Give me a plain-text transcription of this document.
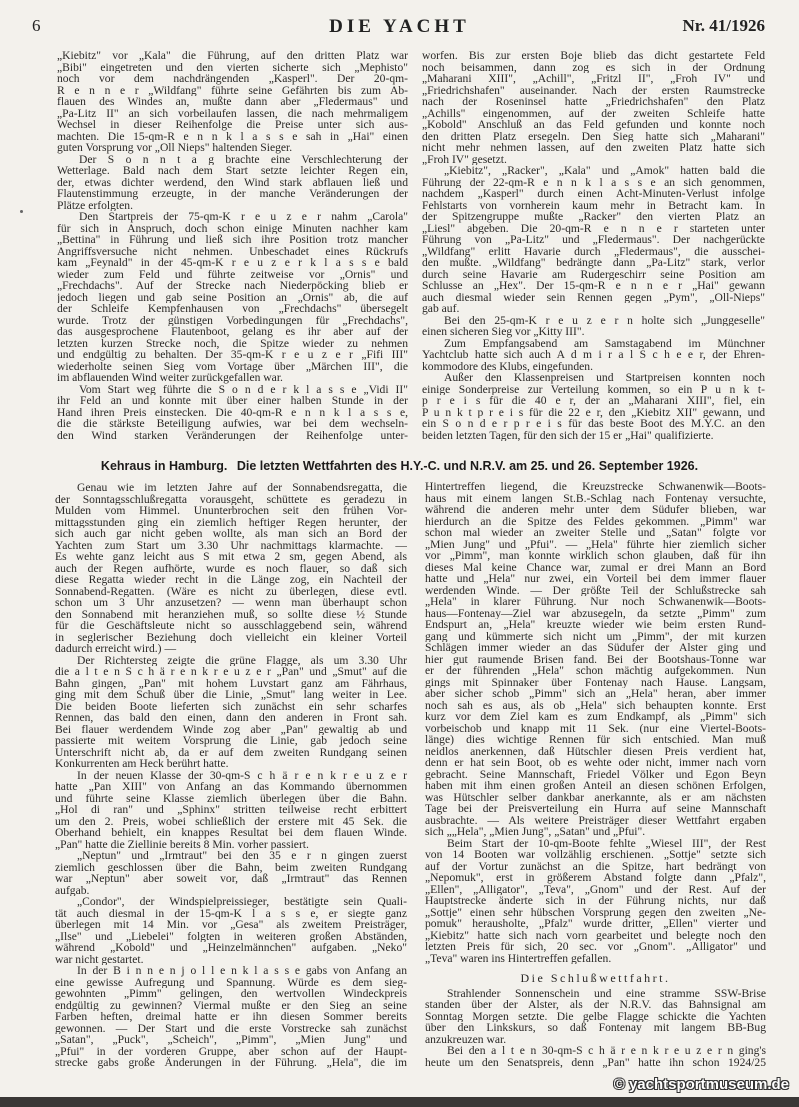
6	DIE YACHT	Nr. 41/1926
„Kiebitz" vor „Kala" die Führung, auf den dritten Platz war
„Bibi" eingetreten und den vierten sicherte sich „Mephisto"
noch vor dem nachdrängenden „Kasperl". Der 20-qm-
R e n n e r „Wildfang" führte seine Gefährten bis zum Ab-
flauen des Windes an, mußte dann aber „Fledermaus" und
„Pa-Litz II" an sich vorbeilaufen lassen, die nach mehrmaligem
Wechsel in dieser Reihenfolge die Preise unter sich aus-
machten. Die 15-qm-R e n n k l a s s e sah in „Hai" einen
guten Vorsprung vor „Oll Nieps" haltenden Sieger.
Der S o n n t a g brachte eine Verschlechterung der
Wetterlage. Bald nach dem Start setzte leichter Regen ein,
der, etwas dichter werdend, den Wind stark abflauen ließ und
Flautenstimmung erzeugte, in der manche Veränderungen der
Plätze erfolgten.
Den Startpreis der 75-qm-K r e u z e r nahm „Carola"
für sich in Anspruch, doch schon einige Minuten nachher kam
„Bettina" in Führung und ließ sich ihre Position trotz mancher
Angriffsversuche nicht nehmen. Unbeschadet eines Rückrufs
kam „Feynald" in der 45-qm-K r e u z e r k l a s s e bald
wieder zum Feld und führte zeitweise vor „Ornis" und
„Frechdachs". Auf der Strecke nach Niederpöcking blieb er
jedoch liegen und gab seine Position an „Ornis" ab, die auf
der Schleife Kempfenhausen von „Frechdachs" übersegelt
wurde. Trotz der günstigen Vorbedingungen für „Frechdachs",
das ausgesprochene Flautenboot, gelang es ihr aber auf der
letzten kurzen Strecke noch, die Spitze wieder zu nehmen
und endgültig zu behalten. Der 35-qm-K r e u z e r „Fifi III"
wiederholte seinen Sieg vom Vortage über „Märchen III", die
im abflauenden Wind weiter zurückgefallen war.
Vom Start weg führte die S o n d e r k l a s s e „Vidi II"
ihr Feld an und konnte mit über einer halben Stunde in der
Hand ihren Preis einstecken. Die 40-qm-R e n n k l a s s e,
die die stärkste Beteiligung aufwies, war bei dem wechseln-
den Wind starken Veränderungen der Reihenfolge unter-
worfen. Bis zur ersten Boje blieb das dicht gestartete Feld
noch beisammen, dann zog es sich in der Ordnung
„Maharani XIII", „Achill", „Fritzl II", „Froh IV" und
„Friedrichshafen" auseinander. Nach der ersten Raumstrecke
nach der Roseninsel hatte „Friedrichshafen" den Platz
„Achills" eingenommen, auf der zweiten Schleife hatte
„Kobold" Anschluß an das Feld gefunden und konnte noch
den dritten Platz ersegeln. Den Sieg hatte sich „Maharani"
nicht mehr nehmen lassen, auf den zweiten Platz hatte sich
„Froh IV" gesetzt.
„Kiebitz", „Racker", „Kala" und „Amok" hatten bald die
Führung der 22-qm-R e n n k l a s s e an sich genommen,
nachdem „Kasperl" durch einen Acht-Minuten-Verlust infolge
Fehlstarts von vornherein kaum mehr in Betracht kam. In
der Spitzengruppe mußte „Racker" den vierten Platz an
„Liesl" abgeben. Die 20-qm-R e n n e r starteten unter
Führung von „Pa-Litz" und „Fledermaus". Der nachgerückte
„Wildfang" erlitt Havarie durch „Fledermaus", die ausschei-
den mußte. „Wildfang" bedrängte dann „Pa-Litz" stark, verlor
durch seine Havarie am Rudergeschirr seine Position am
Schlusse an „Hex". Der 15-qm-R e n n e r „Hai" gewann
auch diesmal wieder sein Rennen gegen „Pym", „Oll-Nieps"
gab auf.
Bei den 25-qm-K r e u z e r n holte sich „Junggeselle"
einen sicheren Sieg vor „Kitty III".
Zum Empfangsabend am Samstagabend im Münchner
Yachtclub hatte sich auch A d m i r a l S c h e e r, der Ehren-
kommodore des Klubs, eingefunden.
Außer den Klassenpreisen und Startpreisen konnten noch
einige Sonderpreise zur Verteilung kommen, so ein P u n k t-
p r e i s für die 40 e r, der an „Maharani XIII", fiel, ein
P u n k t p r e i s für die 22 e r, den „Kiebitz XII" gewann, und
ein S o n d e r p r e i s für das beste Boot des M.Y.C. an den
beiden letzten Tagen, für den sich der 15 er „Hai" qualifizierte.
Kehraus in Hamburg. Die letzten Wettfahrten des H.Y.-C. und N.R.V. am 25. und 26. September 1926.
Genau wie im letzten Jahre auf der Sonnabendsregatta, die
der Sonntagsschlußregatta vorausgeht, schüttete es geradezu in
Mulden vom Himmel. Ununterbrochen seit den frühen Vor-
mittagsstunden ging ein ziemlich heftiger Regen herunter, der
sich auch gar nicht geben wollte, als man sich an Bord der
Yachten zum Start um 3.30 Uhr nachmittags klarmachte. —
Es wehte ganz leicht aus S mit etwa 2 sm, gegen Abend, als
auch der Regen aufhörte, wurde es noch flauer, so daß sich
diese Regatta wieder recht in die Länge zog, ein Nachteil der
Sonnabend-Regatten. (Wäre es nicht zu überlegen, diese evtl.
schon um 3 Uhr anzusetzen? — wenn man überhaupt schon
den Sonnabend mit heranziehen muß, so sollte diese ½ Stunde
für die Geschäftsleute nicht so ausschlaggebend sein, während
in seglerischer Beziehung doch vielleicht ein kleiner Vorteil
dadurch erreicht wird.) —
Der Richtersteg zeigte die grüne Flagge, als um 3.30 Uhr
die a l t e n S c h ä r e n k r e u z e r „Pan" und „Smut" auf die
Bahn gingen, „Pan" mit hohem Luvstart ganz am Fährhaus,
ging mit dem Schuß über die Linie, „Smut" lang weiter in Lee.
Die beiden Boote lieferten sich zunächst ein sehr scharfes
Rennen, das bald den einen, dann den anderen in Front sah.
Bei flauer werdendem Winde zog aber „Pan" gewaltig ab und
passierte mit weitem Vorsprung die Linie, gab jedoch seine
Unterschrift nicht ab, da er auf dem zweiten Rundgang seinen
Konkurrenten am Heck berührt hatte.
In der neuen Klasse der 30-qm-S c h ä r e n k r e u z e r
hatte „Pan XIII" von Anfang an das Kommando übernommen
und führte seine Klasse ziemlich überlegen über die Bahn.
„Hol di ran" und „Sphinx" stritten teilweise recht erbittert
um den 2. Preis, wobei schließlich der erstere mit 45 Sek. die
Oberhand behielt, ein knappes Resultat bei dem flauen Winde.
„Pan" hatte die Ziellinie bereits 8 Min. vorher passiert.
„Neptun" und „Irmtraut" bei den 35 e r n gingen zuerst
ziemlich geschlossen über die Bahn, beim zweiten Rundgang
war „Neptun" aber soweit vor, daß „Irmtraut" das Rennen
aufgab.
„Condor", der Windspielpreissieger, bestätigte sein Quali-
tät auch diesmal in der 15-qm-K l a s s e, er siegte ganz
überlegen mit 14 Min. vor „Gesa" als zweitem Preisträger,
„Ilse" und „Liebelei" folgten in weiteren großen Abständen,
während „Kobold" und „Heinzelmännchen" aufgaben. „Neko"
war nicht gestartet.
In der B i n n e n j o l l e n k l a s s e gabs von Anfang an
eine gewisse Aufregung und Spannung. Würde es dem sieg-
gewohnten „Pimm" gelingen, den wertvollen Windeckpreis
endgültig zu gewinnen? Viermal mußte er den Sieg an seine
Farben heften, dreimal hatte er ihn diesen Sommer bereits
gewonnen. — Der Start und die erste Vorstrecke sah zunächst
„Satan", „Puck", „Scheich", „Pimm", „Mien Jung" und
„Pfui" in der vorderen Gruppe, aber schon auf der Haupt-
strecke gabs große Änderungen in der Führung. „Hela", die im
Hintertreffen liegend, die Kreuzstrecke Schwanenwik—Boots-
haus mit einem langen St.B.-Schlag nach Fontenay versuchte,
während die anderen mehr unter dem Südufer blieben, war
hierdurch an die Spitze des Feldes gekommen. „Pimm" war
schon mal wieder an zweiter Stelle und „Satan" folgte vor
„Mien Jung" und „Pfui". — „Hela" führte hier ziemlich sicher
vor „Pimm", man konnte wirklich schon glauben, daß für ihn
dieses Mal keine Chance war, zumal er drei Mann an Bord
hatte und „Hela" nur zwei, ein Vorteil bei dem immer flauer
werdenden Winde. — Der größte Teil der Schlußstrecke sah
„Hela" in klarer Führung. Nur noch Schwanenwik—Boots-
haus—Fontenay—Ziel war abzusegeln, da setzte „Pimm" zum
Endspurt an, „Hela" kreuzte wieder wie beim ersten Rund-
gang und kümmerte sich nicht um „Pimm", der mit kurzen
Schlägen immer wieder an das Südufer der Alster ging und
hier gut raumende Brisen fand. Bei der Bootshaus-Tonne war
er der führenden „Hela" schon mächtig aufgekommen. Nun
gings mit Spinnaker über Fontenay nach Hause. Langsam,
aber sicher schob „Pimm" sich an „Hela" heran, aber immer
noch sah es aus, als ob „Hela" sich behaupten konnte. Erst
kurz vor dem Ziel kam es zum Endkampf, als „Pimm" sich
vorbeischob und knapp mit 11 Sek. (nur eine Viertel-Boots-
länge) dies wichtige Rennen für sich entschied. Man muß
neidlos anerkennen, daß Hütschler diesen Preis verdient hat,
denn er hat sein Boot, ob es wehte oder nicht, immer nach vorn
gebracht. Seine Mannschaft, Friedel Völker und Egon Beyn
haben mit ihm einen großen Anteil an diesen schönen Erfolgen,
was Hütschler selber dankbar anerkannte, als er am nächsten
Tage bei der Preisverteilung ein Hurra auf seine Mannschaft
ausbrachte. — Als weitere Preisträger dieser Wettfahrt ergaben
sich „„Hela", „Mien Jung", „Satan" und „Pfui".
Beim Start der 10-qm-Boote fehlte „Wiesel III", der Rest
von 14 Booten war vollzählig erschienen. „Sottje" setzte sich
auf der Vortur zunächst an die Spitze, hart bedrängt von
„Nepomuk", erst in größerem Abstand folgte dann „Pfalz",
„Ellen", „Alligator", „Teva", „Gnom" und der Rest. Auf der
Hauptstrecke änderte sich in der Führung nichts, nur daß
„Sottje" einen sehr hübschen Vorsprung gegen den zweiten „Ne-
pomuk" herausholte, „Pfalz" wurde dritter, „Ellen" vierter und
„Kiebitz" hatte sich nach vorn gearbeitet und belegte noch den
letzten Preis für sich, 20 sec. vor „Gnom". „Alligator" und
„Teva" waren ins Hintertreffen gefallen.
Die Schlußwettfahrt.
Strahlender Sonnenschein und eine stramme SSW-Brise
standen über der Alster, als der N.R.V. das Bahnsignal am
Sonntag Morgen setzte. Die gelbe Flagge schickte die Yachten
über den Linkskurs, so daß Fontenay mit langem BB-Bug
anzukreuzen war.
Bei den a l t e n 30-qm-S c h ä r e n k r e u z e r n ging's
heute um den Senatspreis, denn „Pan" hatte ihn schon 1924/25
© yachtsportmuseum.de
